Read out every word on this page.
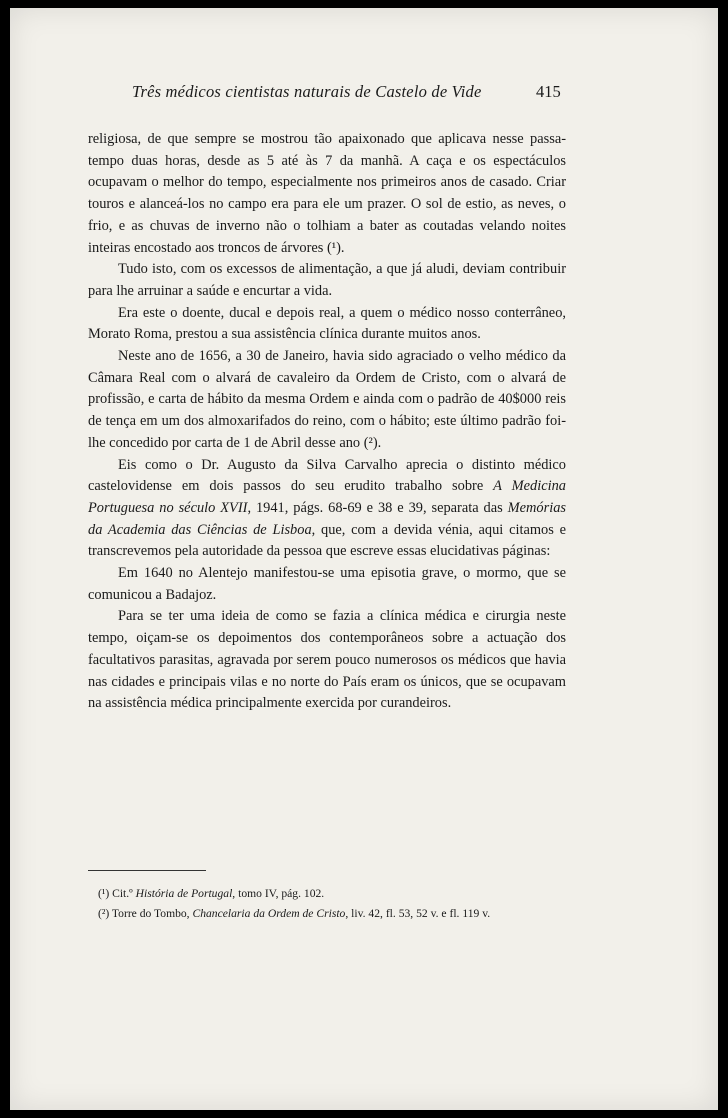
Três médicos cientistas naturais de Castelo de Vide	415

religiosa, de que sempre se mostrou tão apaixonado que aplicava nesse passa-tempo duas horas, desde as 5 até às 7 da manhã. A caça e os espectáculos ocupavam o melhor do tempo, especialmente nos primeiros anos de casado. Criar touros e alanceá-los no campo era para ele um prazer. O sol de estio, as neves, o frio, e as chuvas de inverno não o tolhiam a bater as coutadas velando noites inteiras encostado aos troncos de árvores (¹).

Tudo isto, com os excessos de alimentação, a que já aludi, deviam contribuir para lhe arruinar a saúde e encurtar a vida.

Era este o doente, ducal e depois real, a quem o médico nosso conterrâneo, Morato Roma, prestou a sua assistência clínica durante muitos anos.

Neste ano de 1656, a 30 de Janeiro, havia sido agraciado o velho médico da Câmara Real com o alvará de cavaleiro da Ordem de Cristo, com o alvará de profissão, e carta de hábito da mesma Ordem e ainda com o padrão de 40$000 reis de tença em um dos almoxarifados do reino, com o hábito; este último padrão foi-lhe concedido por carta de 1 de Abril desse ano (²).

Eis como o Dr. Augusto da Silva Carvalho aprecia o distinto médico castelovidense em dois passos do seu erudito trabalho sobre A Medicina Portuguesa no século XVII, 1941, págs. 68-69 e 38 e 39, separata das Memórias da Academia das Ciências de Lisboa, que, com a devida vénia, aqui citamos e transcrevemos pela autoridade da pessoa que escreve essas elucidativas páginas:

Em 1640 no Alentejo manifestou-se uma episotia grave, o mormo, que se comunicou a Badajoz.

Para se ter uma ideia de como se fazia a clínica médica e cirurgia neste tempo, oiçam-se os depoimentos dos contemporâneos sobre a actuação dos facultativos parasitas, agravada por serem pouco numerosos os médicos que havia nas cidades e principais vilas e no norte do País eram os únicos, que se ocupavam na assistência médica principalmente exercida por curandeiros.

(¹) Cit.º História de Portugal, tomo IV, pág. 102.

(²) Torre do Tombo, Chancelaria da Ordem de Cristo, liv. 42, fl. 53, 52 v. e fl. 119 v.
